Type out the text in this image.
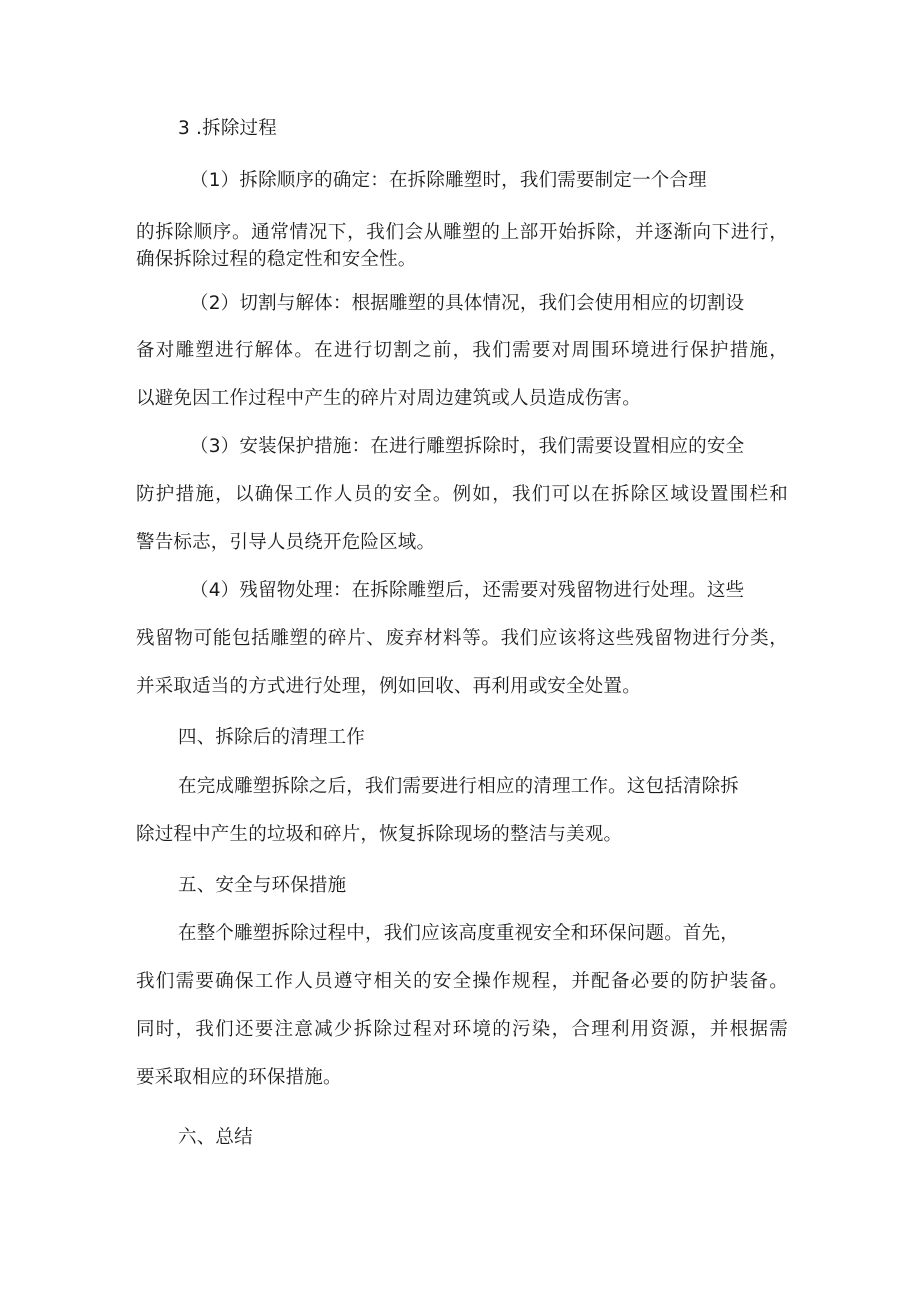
3 .拆除过程
（1）拆除顺序的确定：在拆除雕塑时，我们需要制定一个合理
的拆除顺序。通常情况下，我们会从雕塑的上部开始拆除，并逐渐向下进行，
确保拆除过程的稳定性和安全性。
（2）切割与解体：根据雕塑的具体情况，我们会使用相应的切割设
备对雕塑进行解体。在进行切割之前，我们需要对周围环境进行保护措施，
以避免因工作过程中产生的碎片对周边建筑或人员造成伤害。
（3）安装保护措施：在进行雕塑拆除时，我们需要设置相应的安全
防护措施，以确保工作人员的安全。例如，我们可以在拆除区域设置围栏和
警告标志，引导人员绕开危险区域。
（4）残留物处理：在拆除雕塑后，还需要对残留物进行处理。这些
残留物可能包括雕塑的碎片、废弃材料等。我们应该将这些残留物进行分类，
并采取适当的方式进行处理，例如回收、再利用或安全处置。
四、拆除后的清理工作
在完成雕塑拆除之后，我们需要进行相应的清理工作。这包括清除拆
除过程中产生的垃圾和碎片，恢复拆除现场的整洁与美观。
五、安全与环保措施
在整个雕塑拆除过程中，我们应该高度重视安全和环保问题。首先，
我们需要确保工作人员遵守相关的安全操作规程，并配备必要的防护装备。
同时，我们还要注意减少拆除过程对环境的污染，合理利用资源，并根据需
要采取相应的环保措施。
六、总结
